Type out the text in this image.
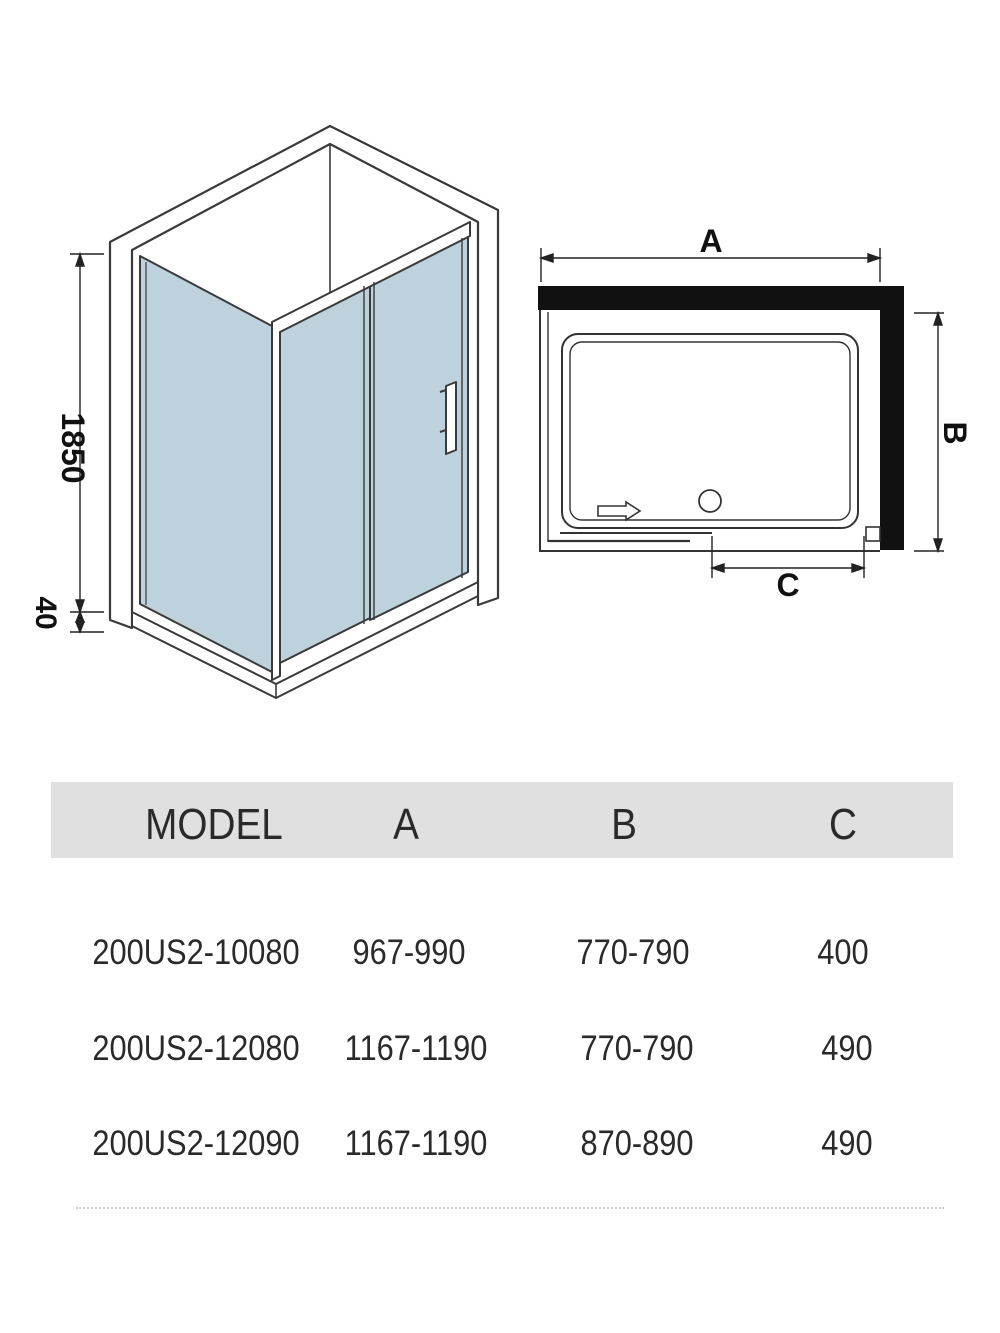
1850
40
A
B
C
MODEL	A	B	C
200US2-10080 967-990	770-790	400
200US2-12080 1167-1190	770-790	490
200US2-12090 1167-1190	870-890	490
